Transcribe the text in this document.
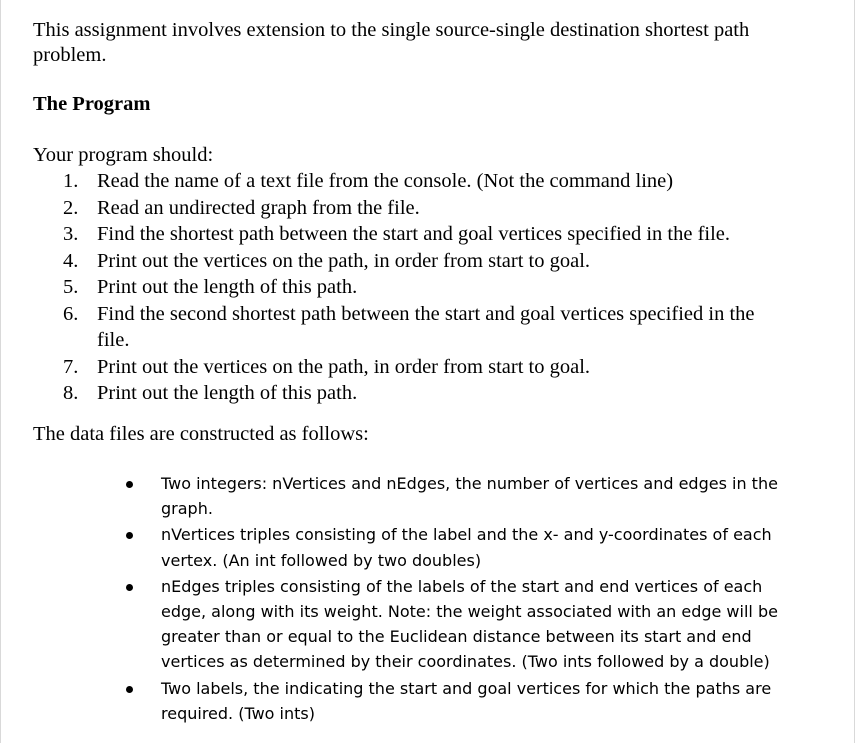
This assignment involves extension to the single source-single destination shortest path problem.

The Program

Your program should:

1. Read the name of a text file from the console. (Not the command line)
2. Read an undirected graph from the file.
3. Find the shortest path between the start and goal vertices specified in the file.
4. Print out the vertices on the path, in order from start to goal.
5. Print out the length of this path.
6. Find the second shortest path between the start and goal vertices specified in the file.
7. Print out the vertices on the path, in order from start to goal.
8. Print out the length of this path.

The data files are constructed as follows:

Two integers: nVertices and nEdges, the number of vertices and edges in the graph.
nVertices triples consisting of the label and the x- and y-coordinates of each vertex. (An int followed by two doubles)
nEdges triples consisting of the labels of the start and end vertices of each edge, along with its weight. Note: the weight associated with an edge will be greater than or equal to the Euclidean distance between its start and end vertices as determined by their coordinates. (Two ints followed by a double)
Two labels, the indicating the start and goal vertices for which the paths are required. (Two ints)
